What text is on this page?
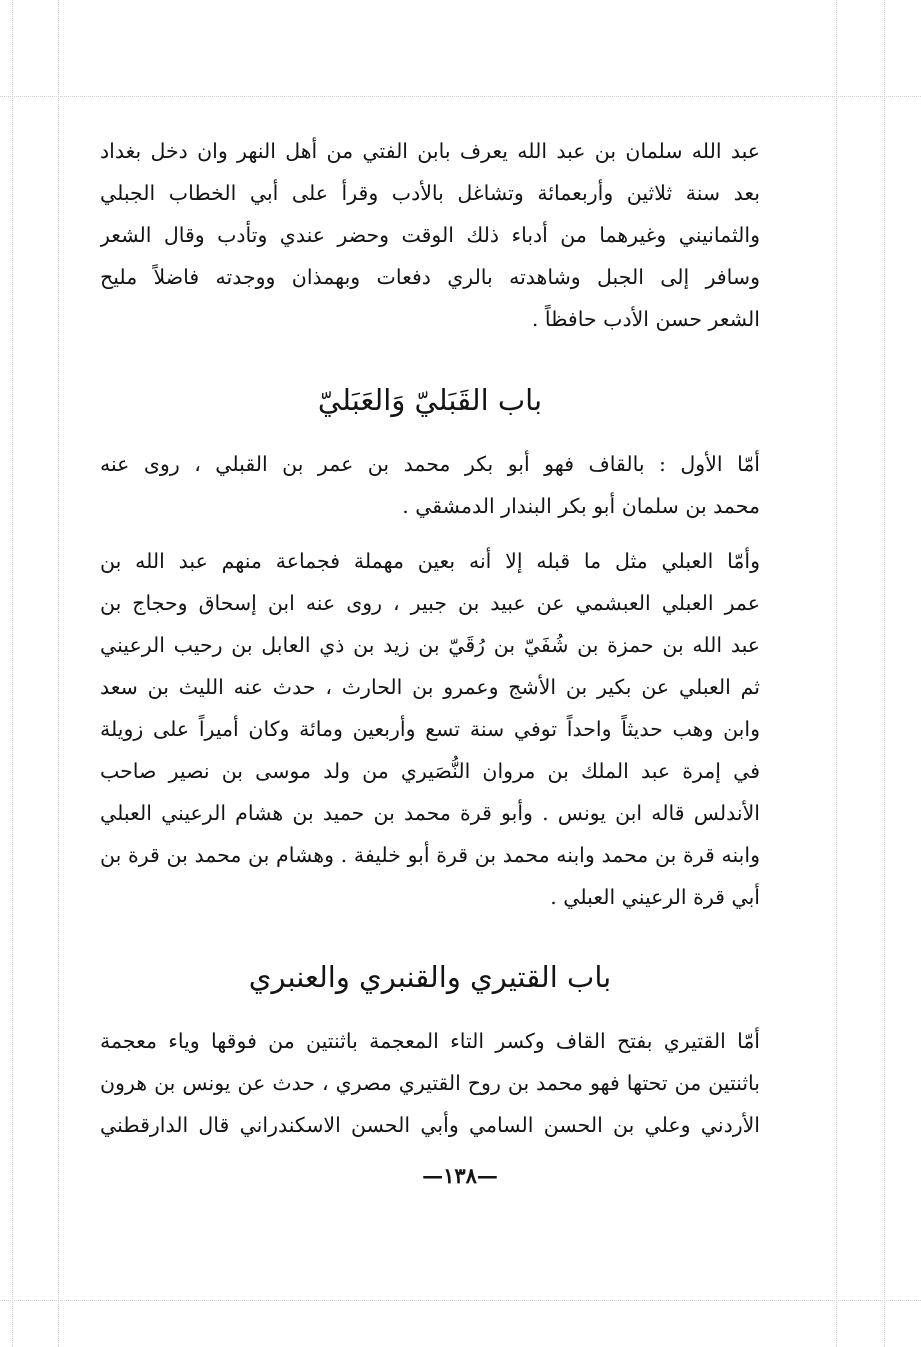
عبد الله سلمان بن عبد الله يعرف بابن الفتي من أهل النهر وان دخل بغداد
بعد سنة ثلاثين وأربعمائة وتشاغل بالأدب وقرأ على أبي الخطاب الجبلي
والثمانيني وغيرهما من أدباء ذلك الوقت وحضر عندي وتأدب وقال الشعر
وسافر إلى الجبل وشاهدته بالري دفعات وبهمذان ووجدته فاضلاً مليح
الشعر حسن الأدب حافظاً .
باب القَبَليّ وَالعَبَليّ
أمّا الأول : بالقاف فهو أبو بكر محمد بن عمر بن القبلي ، روى عنه
محمد بن سلمان أبو بكر البندار الدمشقي .
وأمّا العبلي مثل ما قبله إلا أنه بعين مهملة فجماعة منهم عبد الله بن
عمر العبلي العبشمي عن عبيد بن جبير ، روى عنه ابن إسحاق وحجاج بن
عبد الله بن حمزة بن شُفَيّ بن رُقَيّ بن زيد بن ذي العابل بن رحيب الرعيني
ثم العبلي عن بكير بن الأشج وعمرو بن الحارث ، حدث عنه الليث بن سعد
وابن وهب حديثاً واحداً توفي سنة تسع وأربعين ومائة وكان أميراً على زويلة
في إمرة عبد الملك بن مروان النُّصَيري من ولد موسى بن نصير صاحب
الأندلس قاله ابن يونس . وأبو قرة محمد بن حميد بن هشام الرعيني العبلي
وابنه قرة بن محمد وابنه محمد بن قرة أبو خليفة . وهشام بن محمد بن قرة بن
أبي قرة الرعيني العبلي .
باب القتيري والقنبري والعنبري
أمّا القتيري بفتح القاف وكسر التاء المعجمة باثنتين من فوقها وياء معجمة
باثنتين من تحتها فهو محمد بن روح القتيري مصري ، حدث عن يونس بن هرون
الأردني وعلي بن الحسن السامي وأبي الحسن الاسكندراني قال الدارقطني
—١٣٨—
